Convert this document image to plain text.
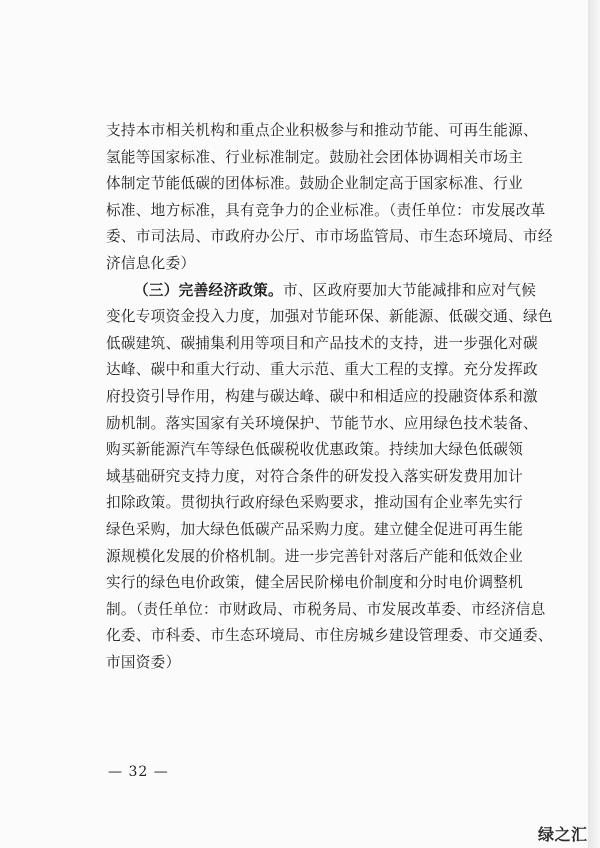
支持本市相关机构和重点企业积极参与和推动节能、可再生能源、
氢能等国家标准、行业标准制定。鼓励社会团体协调相关市场主
体制定节能低碳的团体标准。鼓励企业制定高于国家标准、行业
标准、地方标准，具有竞争力的企业标准。（责任单位：市发展改革
委、市司法局、市政府办公厅、市市场监管局、市生态环境局、市经
济信息化委）
（三）完善经济政策。市、区政府要加大节能减排和应对气候
变化专项资金投入力度，加强对节能环保、新能源、低碳交通、绿色
低碳建筑、碳捕集利用等项目和产品技术的支持，进一步强化对碳
达峰、碳中和重大行动、重大示范、重大工程的支撑。充分发挥政
府投资引导作用，构建与碳达峰、碳中和相适应的投融资体系和激
励机制。落实国家有关环境保护、节能节水、应用绿色技术装备、
购买新能源汽车等绿色低碳税收优惠政策。持续加大绿色低碳领
域基础研究支持力度，对符合条件的研发投入落实研发费用加计
扣除政策。贯彻执行政府绿色采购要求，推动国有企业率先实行
绿色采购，加大绿色低碳产品采购力度。建立健全促进可再生能
源规模化发展的价格机制。进一步完善针对落后产能和低效企业
实行的绿色电价政策，健全居民阶梯电价制度和分时电价调整机
制。（责任单位：市财政局、市税务局、市发展改革委、市经济信息
化委、市科委、市生态环境局、市住房城乡建设管理委、市交通委、
市国资委）
— 32 —
绿之汇
